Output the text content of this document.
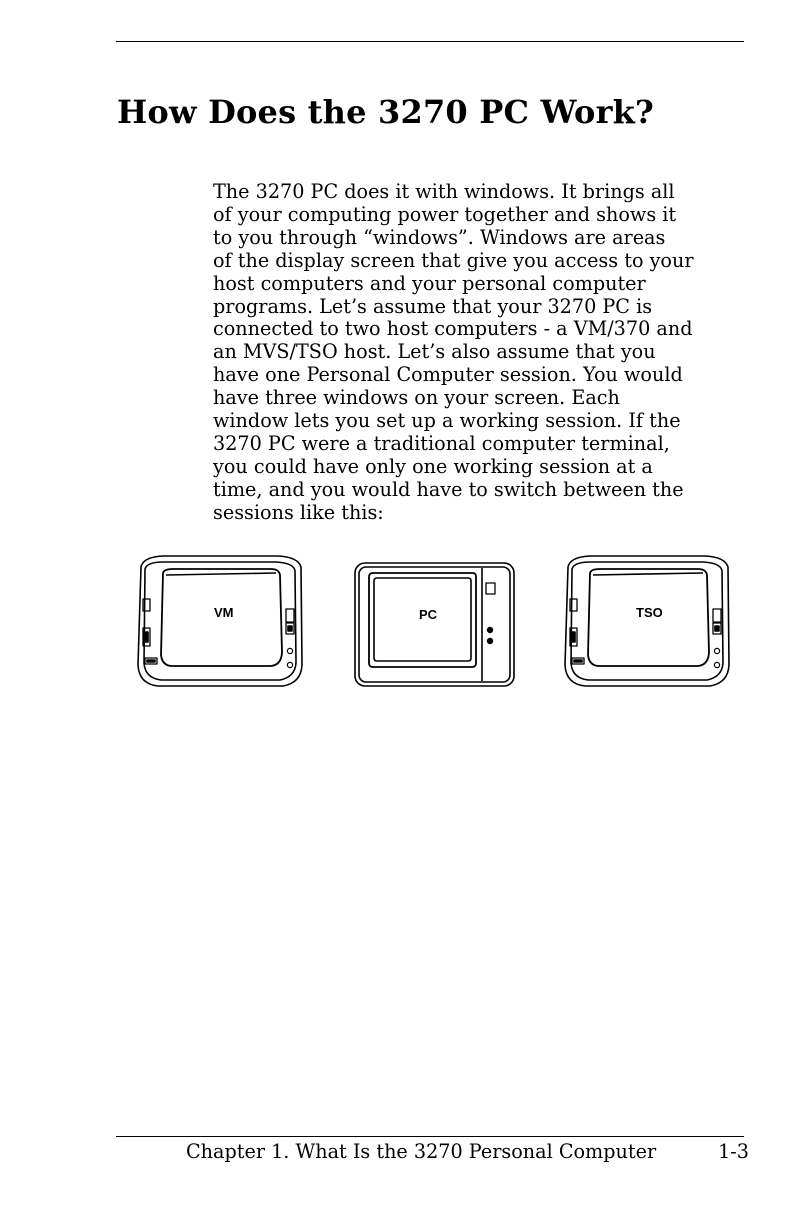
How Does the 3270 PC Work?
The 3270 PC does it with windows. It brings all
of your computing power together and shows it
to you through “windows”. Windows are areas
of the display screen that give you access to your
host computers and your personal computer
programs. Let’s assume that your 3270 PC is
connected to two host computers - a VM/370 and
an MVS/TSO host. Let’s also assume that you
have one Personal Computer session. You would
have three windows on your screen. Each
window lets you set up a working session. If the
3270 PC were a traditional computer terminal,
you could have only one working session at a
time, and you would have to switch between the
sessions like this:
VM	PC	TSO
Chapter 1. What Is the 3270 Personal Computer	1-3
